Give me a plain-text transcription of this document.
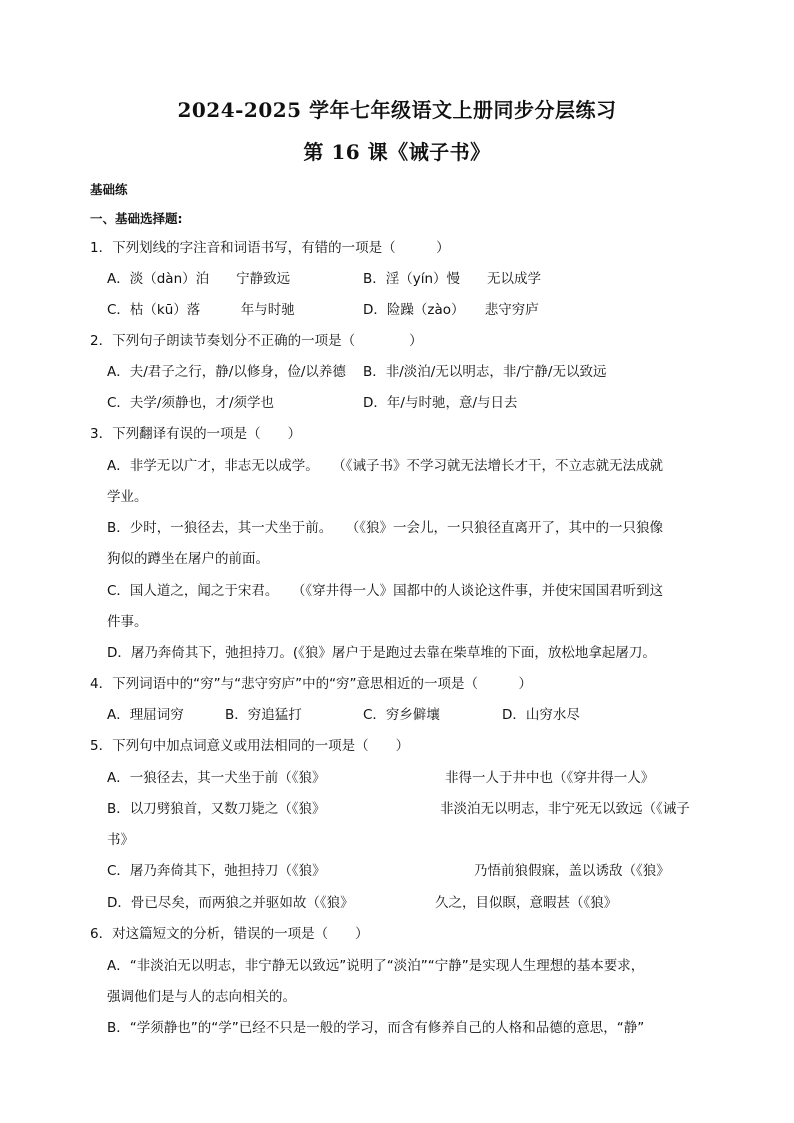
2024-2025 学年七年级语文上册同步分层练习
第 16 课《诫子书》
基础练
一、基础选择题:
1．下列划线的字注音和词语书写，有错的一项是（　　　）
A．淡（dàn）泊　　宁静致远	B．淫（yín）慢　　无以成学
C．枯（kū）落　　　年与时驰	D．险躁（zào）　　悲守穷庐
2．下列句子朗读节奏划分不正确的一项是（　　　　）
A．夫/君子之行，静/以修身，俭/以养德 B．非/淡泊/无以明志，非/宁静/无以致远
C．夫学/须静也，才/须学也	D．年/与时驰，意/与日去
3．下列翻译有误的一项是（　　）
A．非学无以广才，非志无以成学。　　（《诫子书》不学习就无法增长才干，不立志就无法成就
学业。
B．少时，一狼径去，其一犬坐于前。　　（《狼》一会儿，一只狼径直离开了，其中的一只狼像
狗似的蹲坐在屠户的前面。
C．国人道之，闻之于宋君。　　（《穿井得一人》国都中的人谈论这件事，并使宋国国君听到这
件事。
D．屠乃奔倚其下，弛担持刀。(《狼》屠户于是跑过去靠在柴草堆的下面，放松地拿起屠刀。
4．下列词语中的“穷”与“悲守穷庐”中的“穷”意思相近的一项是（　　　）
A．理屈词穷	B．穷追猛打	C．穷乡僻壤	D．山穷水尽
5．下列句中加点词意义或用法相同的一项是（　　）
A．一狼径去，其一犬坐于前（《狼》	非得一人于井中也（《穿井得一人》
B．以刀劈狼首，又数刀毙之（《狼》	非淡泊无以明志，非宁死无以致远（《诫子
书》
C．屠乃奔倚其下，弛担持刀（《狼》	乃悟前狼假寐，盖以诱敌（《狼》
D．骨已尽矣，而两狼之并驱如故（《狼》	久之，目似瞑，意暇甚（《狼》
6．对这篇短文的分析，错误的一项是（　　）
A．“非淡泊无以明志，非宁静无以致远”说明了“淡泊”“宁静”是实现人生理想的基本要求，
强调他们是与人的志向相关的。
B．“学须静也”的“学”已经不只是一般的学习，而含有修养自己的人格和品德的意思，“静”
